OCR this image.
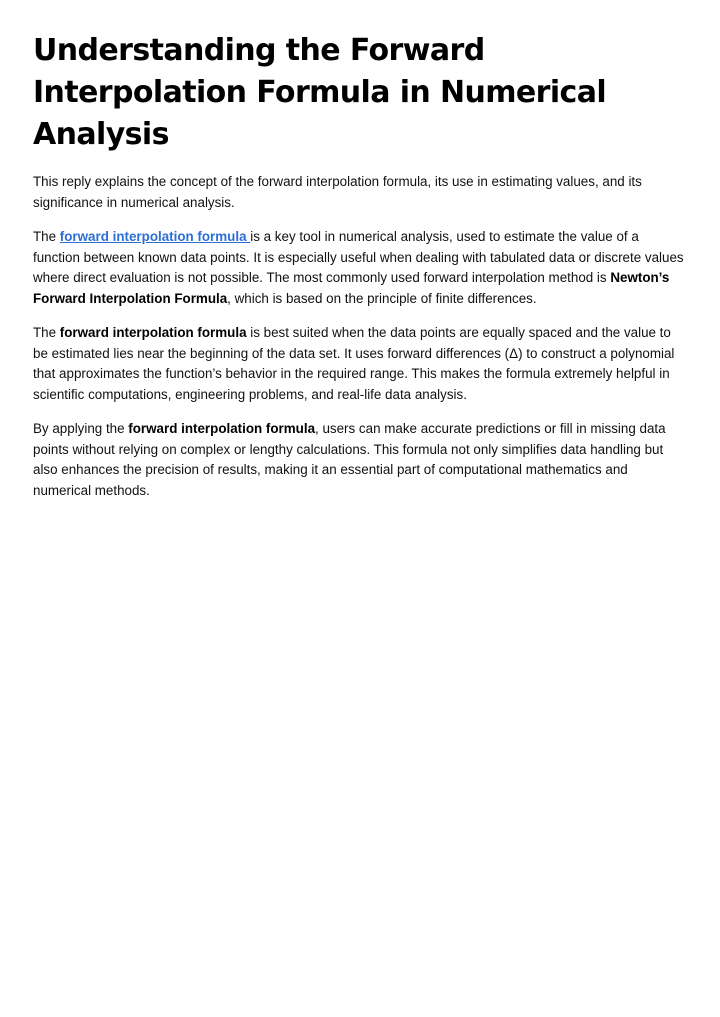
Understanding the Forward Interpolation Formula in Numerical Analysis

This reply explains the concept of the forward interpolation formula, its use in estimating values, and its significance in numerical analysis.

The forward interpolation formula is a key tool in numerical analysis, used to estimate the value of a function between known data points. It is especially useful when dealing with tabulated data or discrete values where direct evaluation is not possible. The most commonly used forward interpolation method is Newton’s Forward Interpolation Formula, which is based on the principle of finite differences.

The forward interpolation formula is best suited when the data points are equally spaced and the value to be estimated lies near the beginning of the data set. It uses forward differences (Δ) to construct a polynomial that approximates the function’s behavior in the required range. This makes the formula extremely helpful in scientific computations, engineering problems, and real-life data analysis.

By applying the forward interpolation formula, users can make accurate predictions or fill in missing data points without relying on complex or lengthy calculations. This formula not only simplifies data handling but also enhances the precision of results, making it an essential part of computational mathematics and numerical methods.
